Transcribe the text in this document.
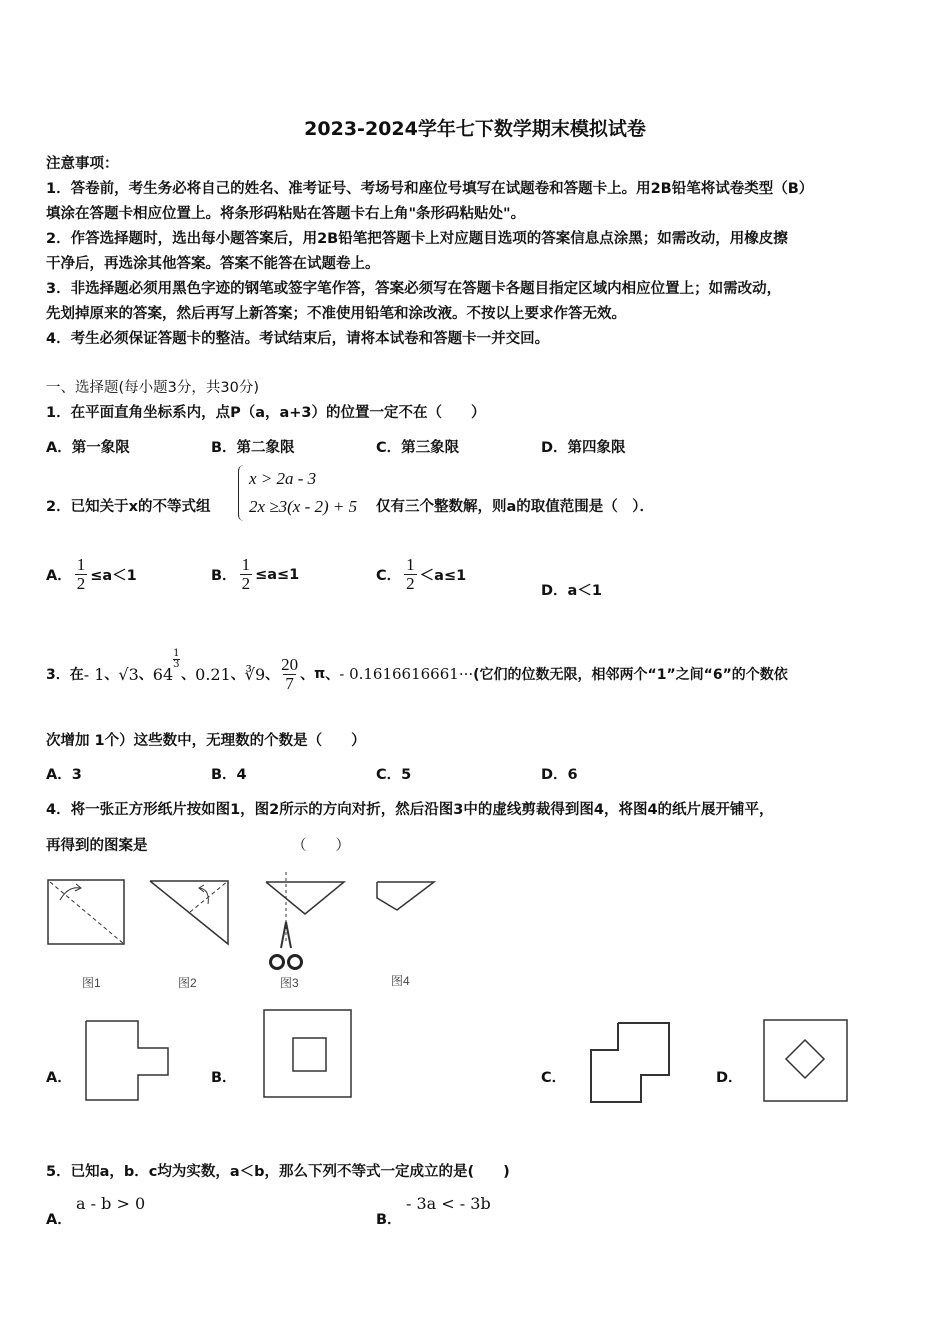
2023-2024学年七下数学期末模拟试卷
注意事项：
1．答卷前，考生务必将自己的姓名、准考证号、考场号和座位号填写在试题卷和答题卡上。用2B铅笔将试卷类型（B）
填涂在答题卡相应位置上。将条形码粘贴在答题卡右上角"条形码粘贴处"。
2．作答选择题时，选出每小题答案后，用2B铅笔把答题卡上对应题目选项的答案信息点涂黑；如需改动，用橡皮擦
干净后，再选涂其他答案。答案不能答在试题卷上。
3．非选择题必须用黑色字迹的钢笔或签字笔作答，答案必须写在答题卡各题目指定区域内相应位置上；如需改动，
先划掉原来的答案，然后再写上新答案；不准使用铅笔和涂改液。不按以上要求作答无效。
4．考生必须保证答题卡的整洁。考试结束后，请将本试卷和答题卡一并交回。
一、选择题(每小题3分，共30分)
1．在平面直角坐标系内，点P（a，a+3）的位置一定不在（　　）
A．第一象限	B．第二象限	C．第三象限	D．第四象限
2．已知关于x的不等式组
x > 2a - 3
2x ≥3(x - 2) + 5 仅有三个整数解，则a的取值范围是（　）．
A． $\frac{1}{2} \le a<1$	B． $\frac{1}{2} \le a\le 1$	C． $\frac{1}{2} <a\le 1$
D．a＜1
3．在 - 1 、 √3 、 64
$\frac{1}{3}$
、 0.21 、 ∛9 、 $\frac{20}{7}$ 、 π 、 - 0.1616616661··· (它们的位数无限，相邻两个“1”之间“6”的个数依
次增加 1个）这些数中，无理数的个数是（　　）
A．3	B．4	C．5	D．6
4．将一张正方形纸片按如图1，图2所示的方向对折，然后沿图3中的虚线剪裁得到图4，将图4的纸片展开铺平，
再得到的图案是	（　　）
图1	图2	图3	图4
A．	B．	C．	D．
5．已知a，b．c均为实数，a＜b，那么下列不等式一定成立的是(　　)
A．
a - b > 0
B．
- 3a < - 3b
